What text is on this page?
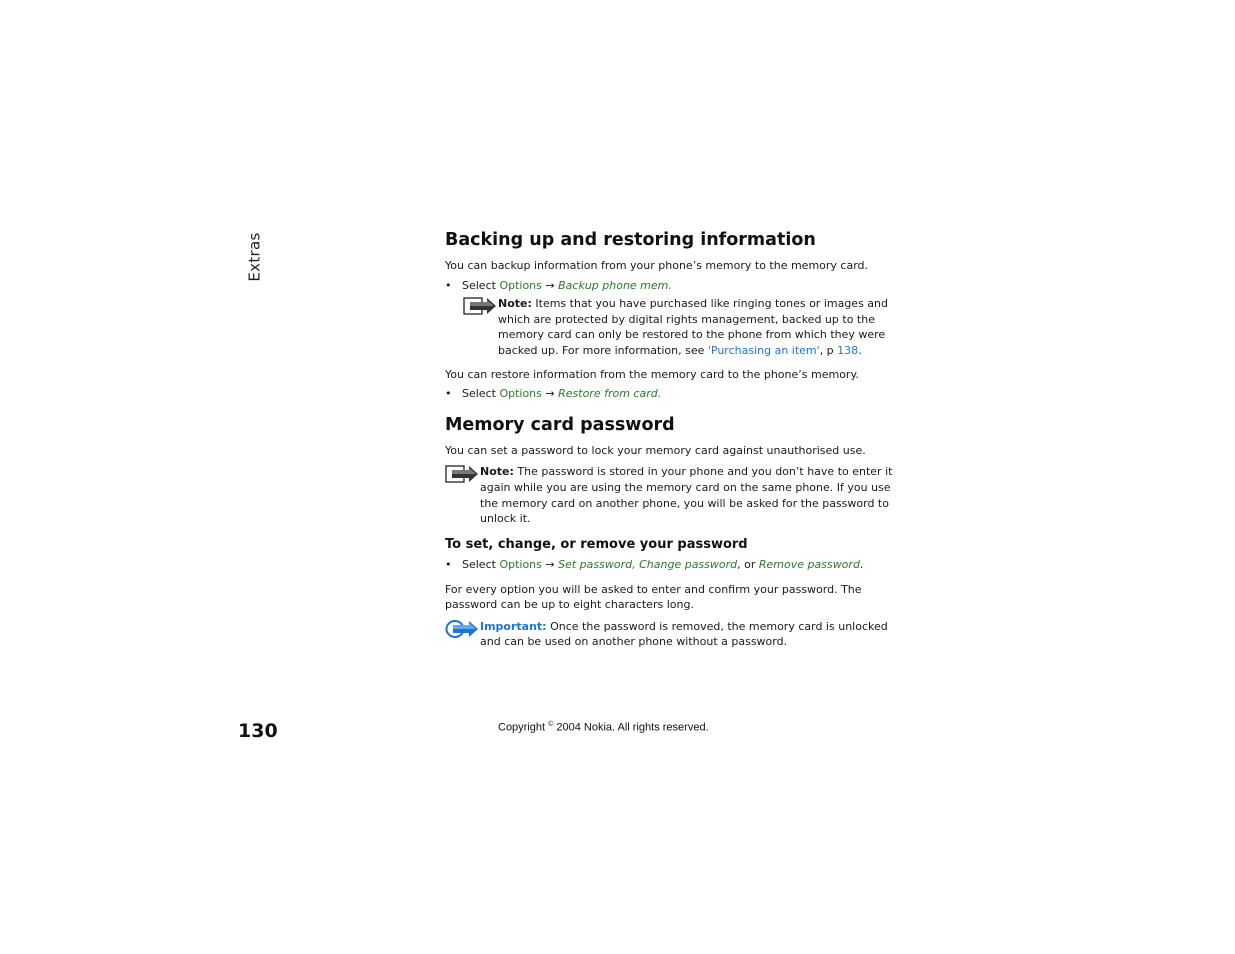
Extras	Backing up and restoring information

You can backup information from your phone’s memory to the memory card.

• Select Options → Backup phone mem.
Note: Items that you have purchased like ringing tones or images and which are protected by digital rights management, backed up to the memory card can only be restored to the phone from which they were backed up. For more information, see 'Purchasing an item', p 138.

You can restore information from the memory card to the phone’s memory.

• Select Options → Restore from card.
Memory card password

You can set a password to lock your memory card against unauthorised use.

Note: The password is stored in your phone and you don’t have to enter it again while you are using the memory card on the same phone. If you use the memory card on another phone, you will be asked for the password to unlock it.
To set, change, or remove your password
• Select Options → Set password, Change password, or Remove password.

For every option you will be asked to enter and confirm your password. The password can be up to eight characters long.

Important: Once the password is removed, the memory card is unlocked and can be used on another phone without a password.
130	Copyright © 2004 Nokia. All rights reserved.
